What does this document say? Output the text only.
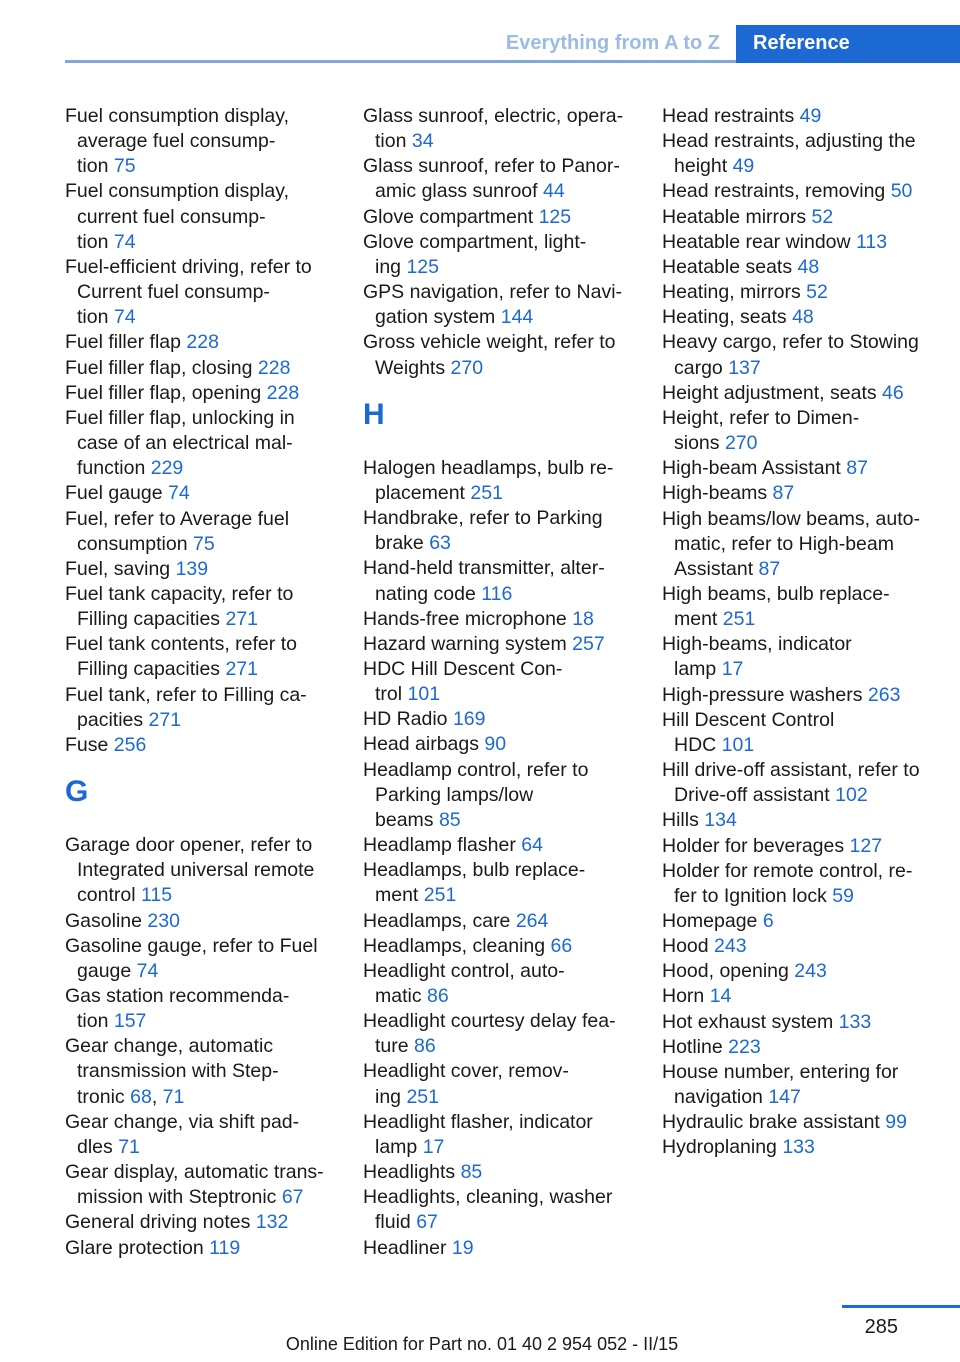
Everything from A to Z	Reference
Fuel consumption display,
average fuel consump‐
tion 75
Fuel consumption display,
current fuel consump‐
tion 74
Fuel-efficient driving, refer to
Current fuel consump‐
tion 74
Fuel filler flap 228
Fuel filler flap, closing 228
Fuel filler flap, opening 228
Fuel filler flap, unlocking in
case of an electrical mal‐
function 229
Fuel gauge 74
Fuel, refer to Average fuel
consumption 75
Fuel, saving 139
Fuel tank capacity, refer to
Filling capacities 271
Fuel tank contents, refer to
Filling capacities 271
Fuel tank, refer to Filling ca‐
pacities 271
Fuse 256
G
Garage door opener, refer to
Integrated universal remote
control 115
Gasoline 230
Gasoline gauge, refer to Fuel
gauge 74
Gas station recommenda‐
tion 157
Gear change, automatic
transmission with Step‐
tronic 68, 71
Gear change, via shift pad‐
dles 71
Gear display, automatic trans‐
mission with Steptronic 67
General driving notes 132
Glare protection 119
Glass sunroof, electric, opera‐
tion 34
Glass sunroof, refer to Panor‐
amic glass sunroof 44
Glove compartment 125
Glove compartment, light‐
ing 125
GPS navigation, refer to Navi‐
gation system 144
Gross vehicle weight, refer to
Weights 270
H
Halogen headlamps, bulb re‐
placement 251
Handbrake, refer to Parking
brake 63
Hand-held transmitter, alter‐
nating code 116
Hands-free microphone 18
Hazard warning system 257
HDC Hill Descent Con‐
trol 101
HD Radio 169
Head airbags 90
Headlamp control, refer to
Parking lamps/low
beams 85
Headlamp flasher 64
Headlamps, bulb replace‐
ment 251
Headlamps, care 264
Headlamps, cleaning 66
Headlight control, auto‐
matic 86
Headlight courtesy delay fea‐
ture 86
Headlight cover, remov‐
ing 251
Headlight flasher, indicator
lamp 17
Headlights 85
Headlights, cleaning, washer
fluid 67
Headliner 19
Head restraints 49
Head restraints, adjusting the
height 49
Head restraints, removing 50
Heatable mirrors 52
Heatable rear window 113
Heatable seats 48
Heating, mirrors 52
Heating, seats 48
Heavy cargo, refer to Stowing
cargo 137
Height adjustment, seats 46
Height, refer to Dimen‐
sions 270
High-beam Assistant 87
High-beams 87
High beams/low beams, auto‐
matic, refer to High-beam
Assistant 87
High beams, bulb replace‐
ment 251
High-beams, indicator
lamp 17
High-pressure washers 263
Hill Descent Control
HDC 101
Hill drive-off assistant, refer to
Drive-off assistant 102
Hills 134
Holder for beverages 127
Holder for remote control, re‐
fer to Ignition lock 59
Homepage 6
Hood 243
Hood, opening 243
Horn 14
Hot exhaust system 133
Hotline 223
House number, entering for
navigation 147
Hydraulic brake assistant 99
Hydroplaning 133
285
Online Edition for Part no. 01 40 2 954 052 - II/15
